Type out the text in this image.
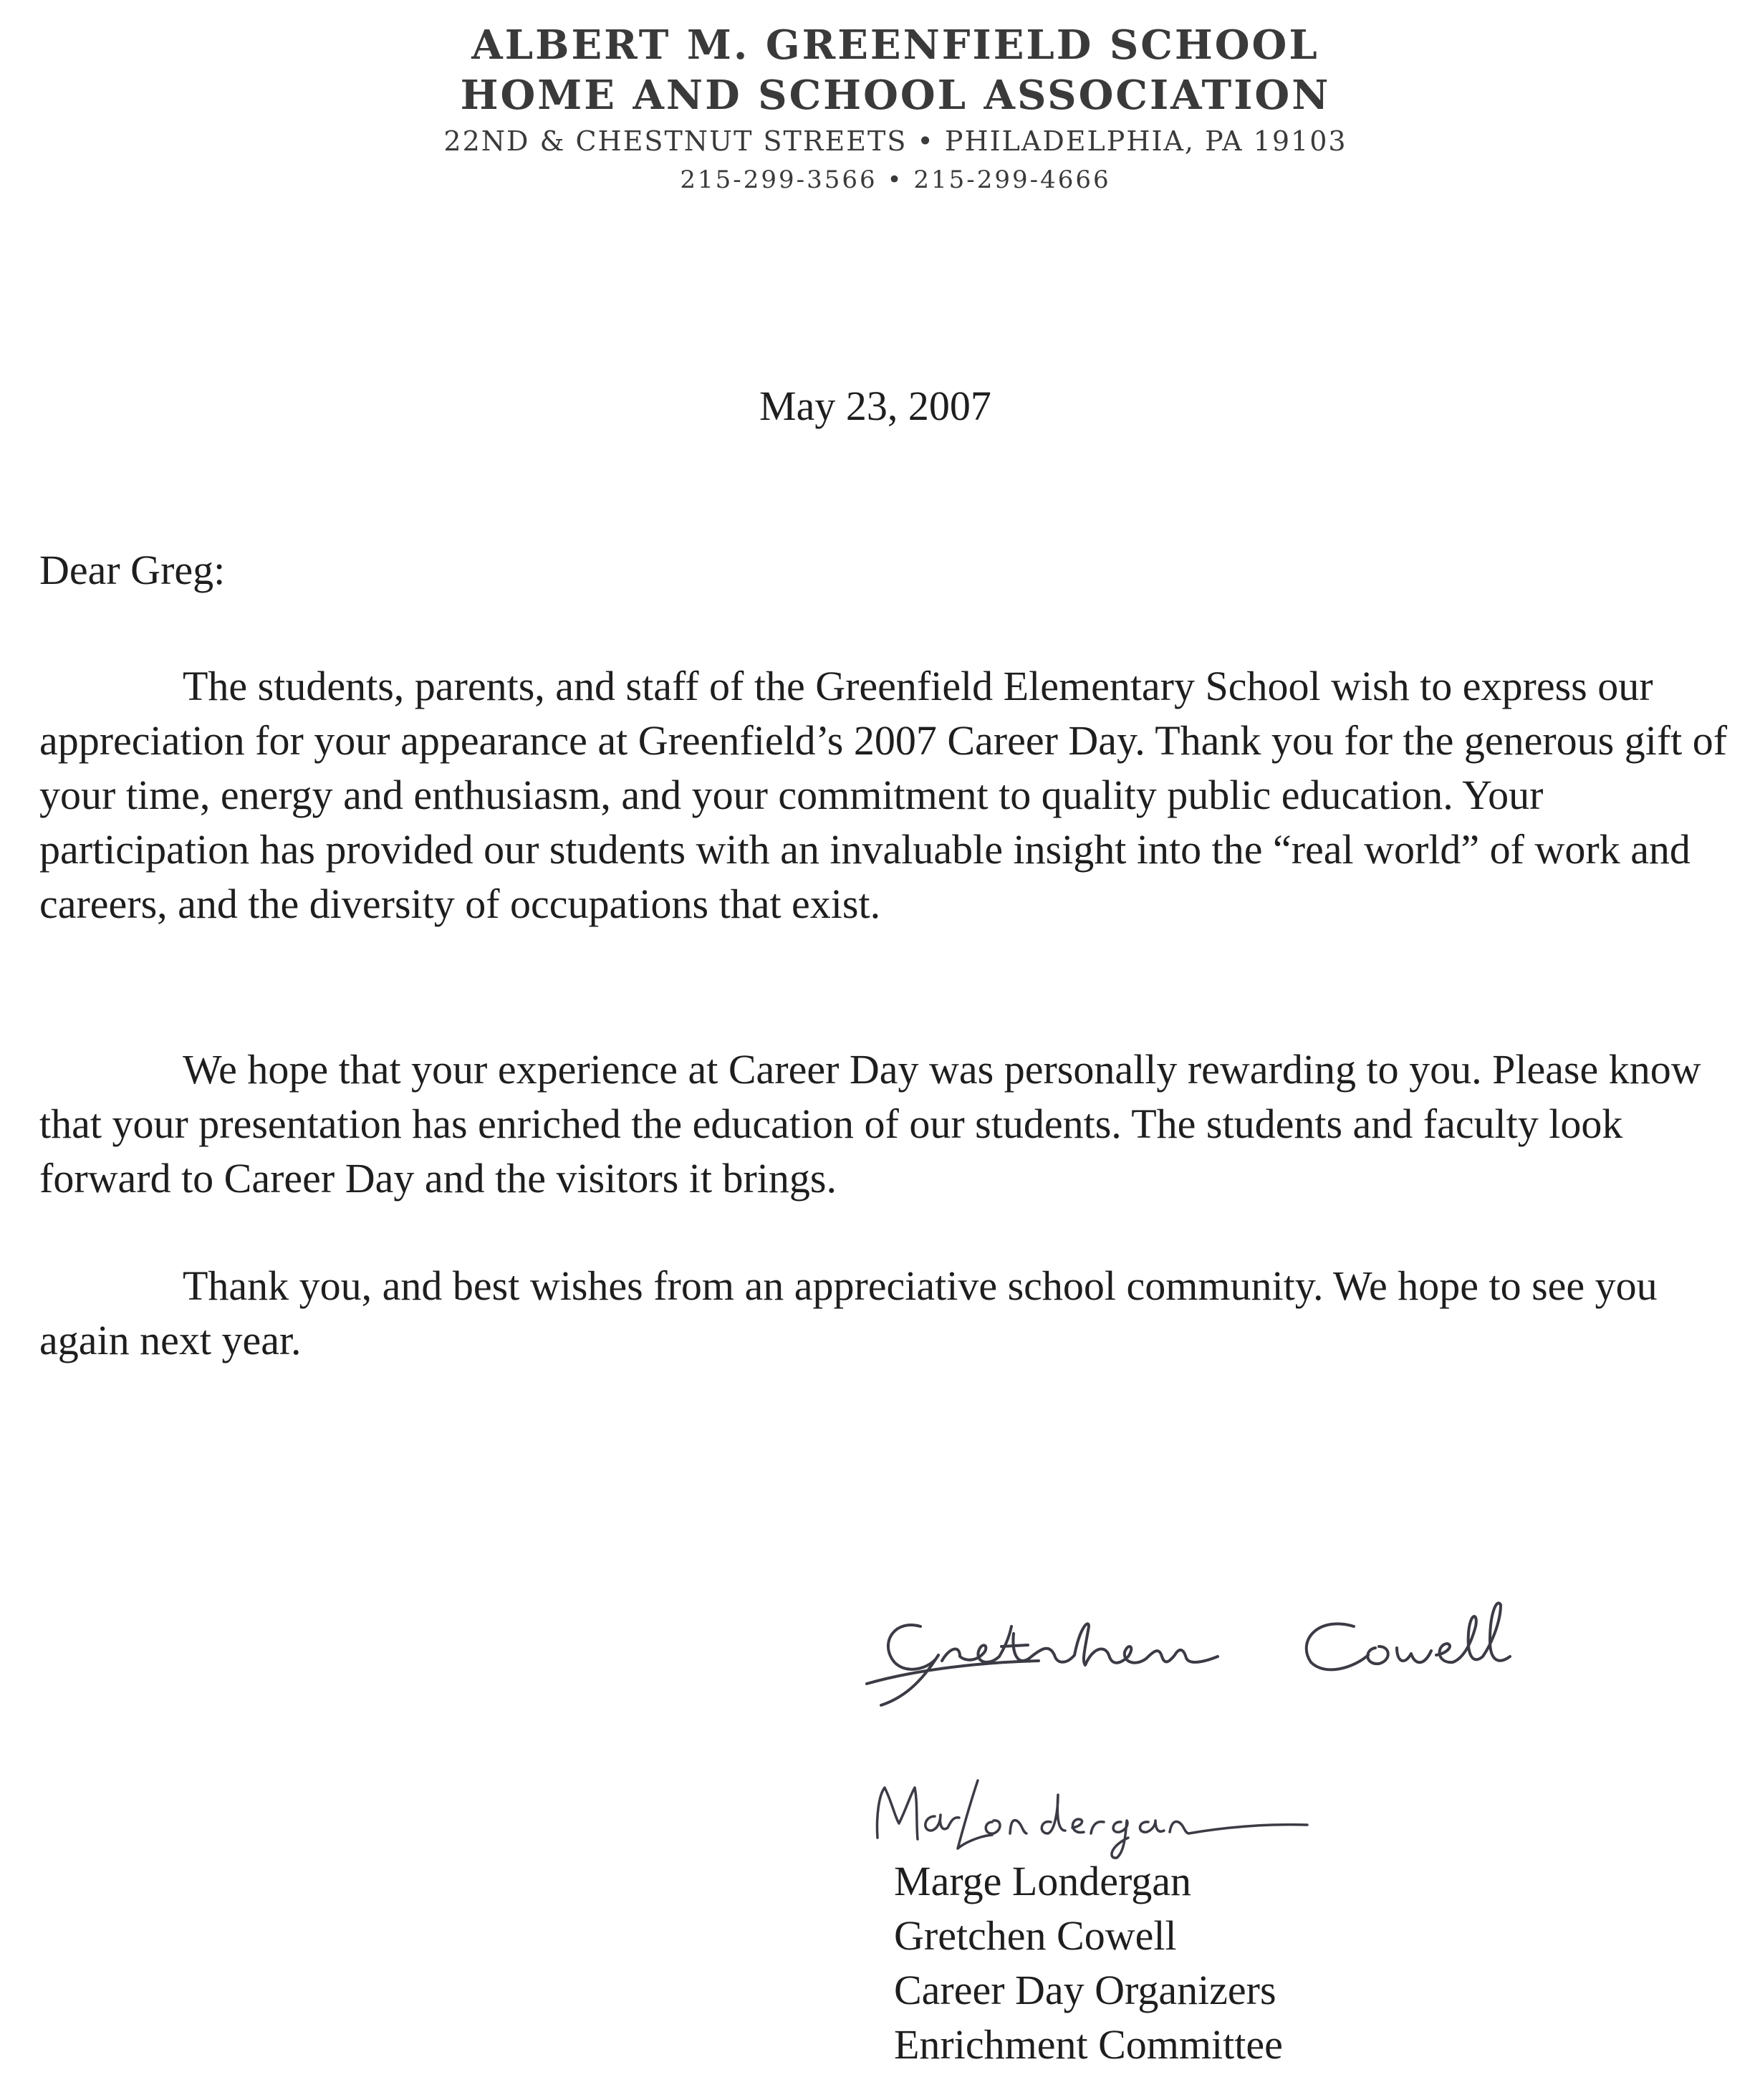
ALBERT M. GREENFIELD SCHOOL
HOME AND SCHOOL ASSOCIATION
22ND & CHESTNUT STREETS • PHILADELPHIA, PA 19103
215-299-3566 • 215-299-4666
May 23, 2007
Dear Greg:
The students, parents, and staff of the Greenfield Elementary School wish to express our appreciation for your appearance at Greenfield’s 2007 Career Day. Thank you for the generous gift of your time, energy and enthusiasm, and your commitment to quality public education. Your participation has provided our students with an invaluable insight into the “real world” of work and careers, and the diversity of occupations that exist.
We hope that your experience at Career Day was personally rewarding to you. Please know that your presentation has enriched the education of our students. The students and faculty look forward to Career Day and the visitors it brings.
Thank you, and best wishes from an appreciative school community. We hope to see you again next year.
Marge Londergan
Gretchen Cowell
Career Day Organizers
Enrichment Committee
